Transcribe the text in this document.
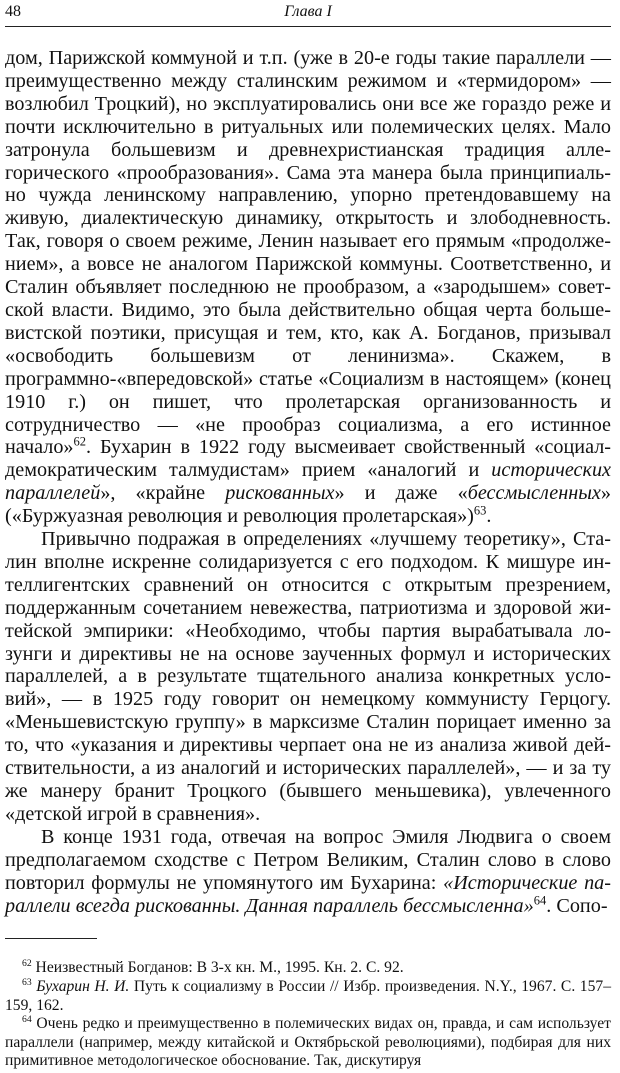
48	Глава I

дом, Парижской коммуной и т.п. (уже в 20-е годы такие параллели — преимущественно между сталинским режимом и «термидором» — возлюбил Троцкий), но эксплуатировались они все же гораздо реже и почти исключительно в ритуальных или полемических целях. Мало затронула большевизм и древнехристианская традиция аллегорического «прообразования». Сама эта манера была принципиально чужда ленинскому направлению, упорно претендовавшему на живую, диалектическую динамику, открытость и злободневность. Так, говоря о своем режиме, Ленин называет его прямым «продолжением», а вовсе не аналогом Парижской коммуны. Соответственно, и Сталин объявляет последнюю не прообразом, а «зародышем» советской власти. Видимо, это была действительно общая черта большевистской поэтики, присущая и тем, кто, как А. Богданов, призывал «освободить большевизм от ленинизма». Скажем, в программно-«впередовской» статье «Социализм в настоящем» (конец 1910 г.) он пишет, что пролетарская организованность и сотрудничество — «не прообраз социализма, а его истинное начало»$^{62}$. Бухарин в 1922 году высмеивает свойственный «социал-демократическим талмудистам» прием «аналогий и исторических параллелей», «крайне рискованных» и даже «бессмысленных» («Буржуазная революция и революция пролетарская»)$^{63}$.

Привычно подражая в определениях «лучшему теоретику», Сталин вполне искренне солидаризуется с его подходом. К мишуре интеллигентских сравнений он относится с открытым презрением, поддержанным сочетанием невежества, патриотизма и здоровой житейской эмпирики: «Необходимо, чтобы партия вырабатывала лозунги и директивы не на основе заученных формул и исторических параллелей, а в результате тщательного анализа конкретных условий», — в 1925 году говорит он немецкому коммунисту Герцогу. «Меньшевистскую группу» в марксизме Сталин порицает именно за то, что «указания и директивы черпает она не из анализа живой действительности, а из аналогий и исторических параллелей», — и за ту же манеру бранит Троцкого (бывшего меньшевика), увлеченного «детской игрой в сравнения».

В конце 1931 года, отвечая на вопрос Эмиля Людвига о своем предполагаемом сходстве с Петром Великим, Сталин слово в слово повторил формулы не упомянутого им Бухарина: «Исторические параллели всегда рискованны. Данная параллель бессмысленна»$^{64}$. Сопо-

$^{62}$ Неизвестный Богданов: В 3-х кн. М., 1995. Кн. 2. С. 92.

$^{63}$ Бухарин Н. И. Путь к социализму в России // Избр. произведения. N.Y., 1967. С. 157–159, 162.

$^{64}$ Очень редко и преимущественно в полемических видах он, правда, и сам использует параллели (например, между китайской и Октябрьской революциями), подбирая для них примитивное методологическое обоснование. Так, дискутируя
